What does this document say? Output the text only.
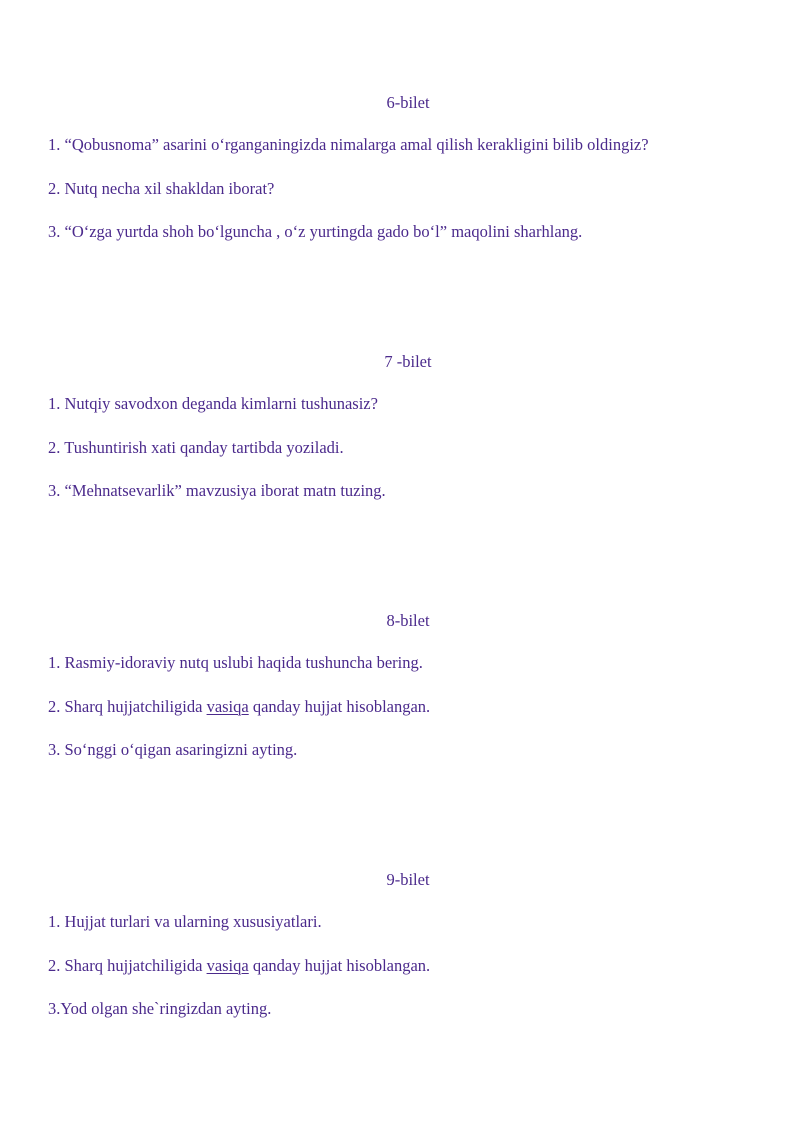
6-bilet
1. “Qobusnoma” asarini o‘rganganingizda nimalarga amal qilish kerakligini bilib oldingiz?
2. Nutq necha xil shakldan iborat?
3. “O‘zga yurtda shoh bo‘lguncha , o‘z yurtingda gado bo‘l” maqolini sharhlang.
7 -bilet
1. Nutqiy savodxon deganda kimlarni tushunasiz?
2. Tushuntirish xati qanday tartibda yoziladi.
3. “Mehnatsevarlik” mavzusiya iborat matn tuzing.
8-bilet
1. Rasmiy-idoraviy nutq uslubi haqida tushuncha bering.
2. Sharq hujjatchiligida vasiqa qanday hujjat hisoblangan.
3. So‘nggi o‘qigan asaringizni ayting.
9-bilet
1. Hujjat turlari va ularning xususiyatlari.
2. Sharq hujjatchiligida vasiqa qanday hujjat hisoblangan.
3.Yod olgan she`ringizdan ayting.
